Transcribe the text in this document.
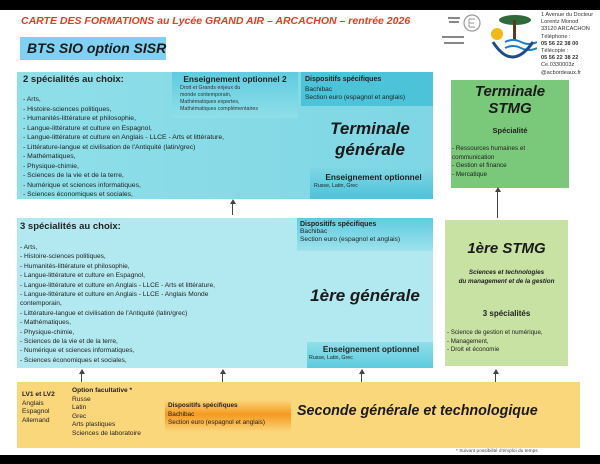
CARTE DES FORMATIONS au Lycée GRAND AIR – ARCACHON – rentrée 2026
BTS SIO option SISR
1 Avenue du Docteur
Lorentz Monod
33120 ARCACHON
Téléphone :
05 56 22 38 00
Télécopie :
05 56 22 38 22
Ce.0330003z
@acbordeaux.fr
2 spécialités au choix:
- Arts,
- Histoire-sciences politiques,
- Humanités-littérature et philosophie,
- Langue-littérature et culture en Espagnol,
- Langue-littérature et culture en Anglais - LLCE - Arts et littérature,
- Littérature-langue et civilisation de l'Antiquité (latin/grec)
- Mathématiques,
- Physique-chimie,
- Sciences de la vie et de la terre,
- Numérique et sciences informatiques,
- Sciences économiques et sociales,
Enseignement optionnel 2
Droit et Grands enjeux du
monde contemporain,
Mathématiques expertes,
Mathématiques complémentaires
Dispositifs spécifiques
Bachibac
Section euro (espagnol et anglais)
Terminale
générale
Enseignement optionnel
Russe, Latin, Grec
Terminale
STMG
Spécialité
- Ressources humaines et
communication
- Gestion et finance
- Mercatique
3 spécialités au choix:
- Arts,
- Histoire-sciences politiques,
- Humanités-littérature et philosophie,
- Langue-littérature et culture en Espagnol,
- Langue-littérature et culture en Anglais - LLCE - Arts et littérature,
- Langue-littérature et culture en Anglais - LLCE - Anglais Monde
contemporain,
- Littérature-langue et civilisation de l'Antiquité (latin/grec)
- Mathématiques,
- Physique-chimie,
- Sciences de la vie et de la terre,
- Numérique et sciences informatiques,
- Sciences économiques et sociales,
Dispositifs spécifiques
Bachibac
Section euro (espagnol et anglais)
1ère générale
Enseignement optionnel
Russe, Latin, Grec
1ère STMG
Sciences et technologies
du management et de la gestion
3 spécialités
- Science de gestion et numérique,
- Management,
- Droit et économie
LV1 et LV2
Anglais
Espagnol
Allemand
Option facultative *
Russe
Latin
Grec
Arts plastiques
Sciences de laboratoire
Dispositifs spécifiques
Bachibac
Section euro (espagnol et anglais)
Seconde générale et technologique
* Suivant possibilité d'emploi du temps
